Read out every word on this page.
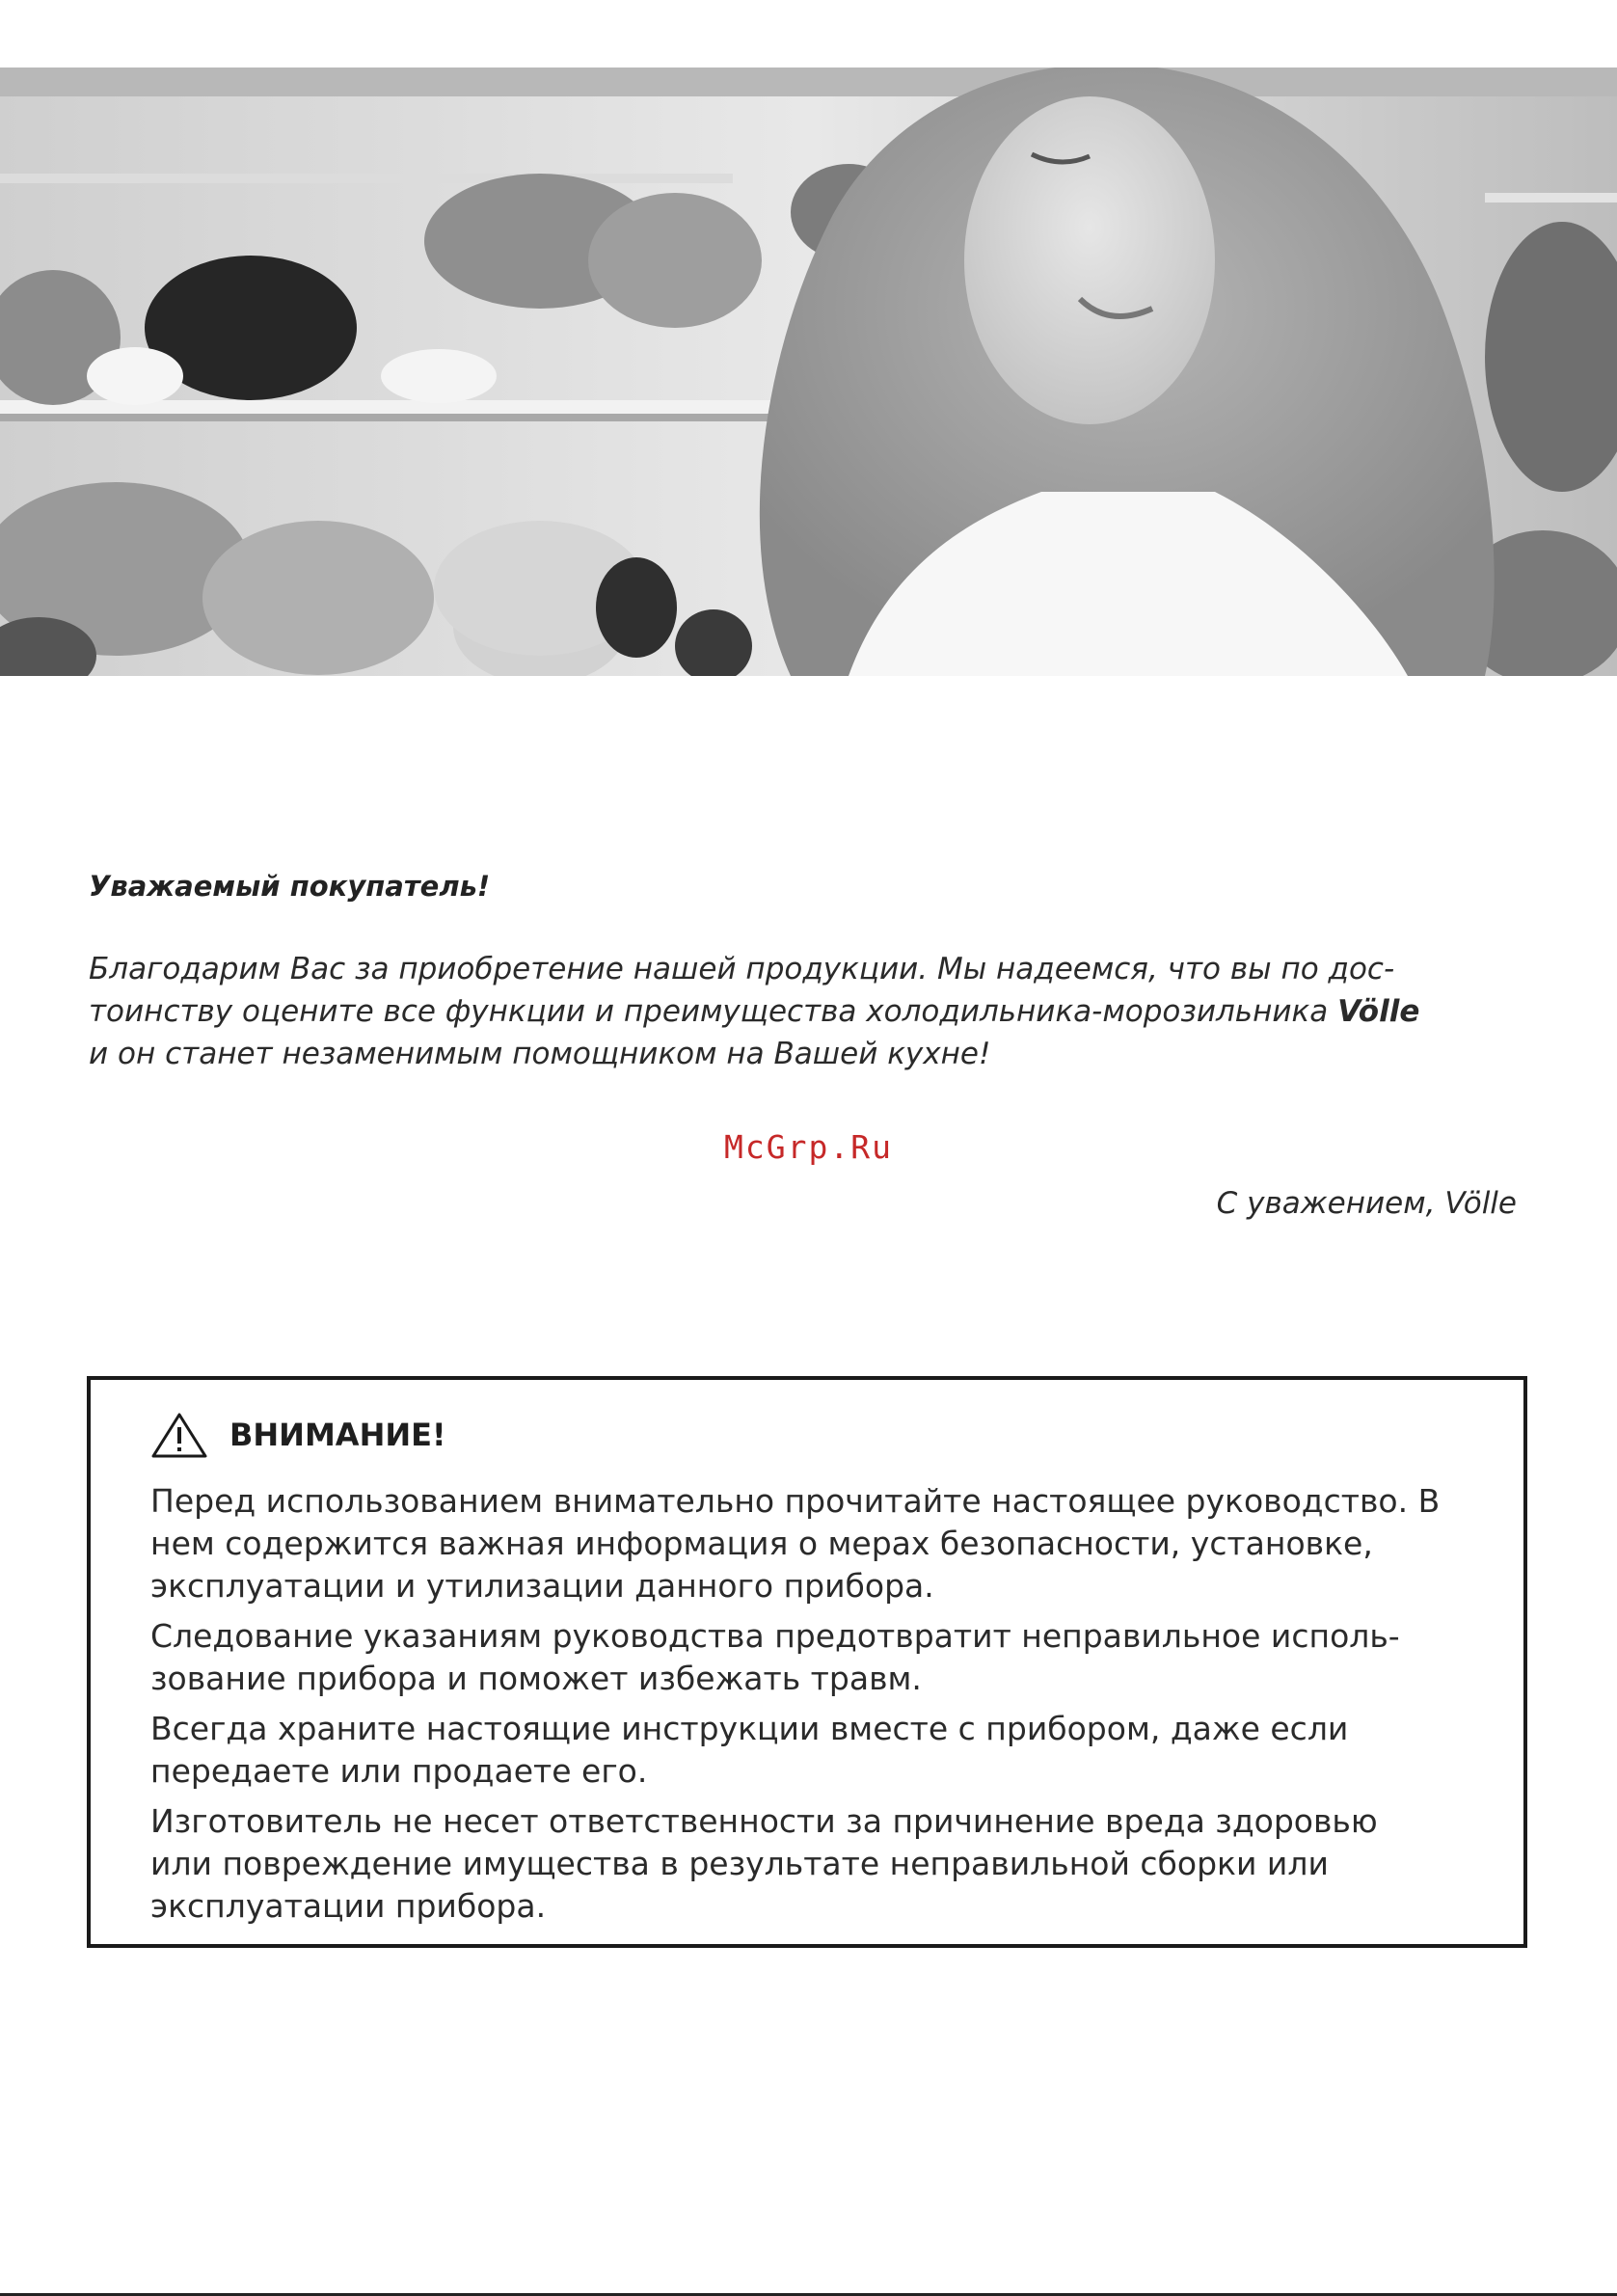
Уважаемый покупатель!
Благодарим Вас за приобретение нашей продукции. Мы надеемся, что вы по дос-
тоинству оцените все функции и преимущества холодильника-морозильника Völle
и он станет незаменимым помощником на Вашей кухне!
McGrp.Ru
С уважением, Völle
ВНИМАНИЕ!

Перед использованием внимательно прочитайте настоящее руководство. В
нем содержится важная информация о мерах безопасности, установке,
эксплуатации и утилизации данного прибора.

Следование указаниям руководства предотвратит неправильное исполь-
зование прибора и поможет избежать травм.

Всегда храните настоящие инструкции вместе с прибором, даже если
передаете или продаете его.

Изготовитель не несет ответственности за причинение вреда здоровью
или повреждение имущества в результате неправильной сборки или
эксплуатации прибора.
